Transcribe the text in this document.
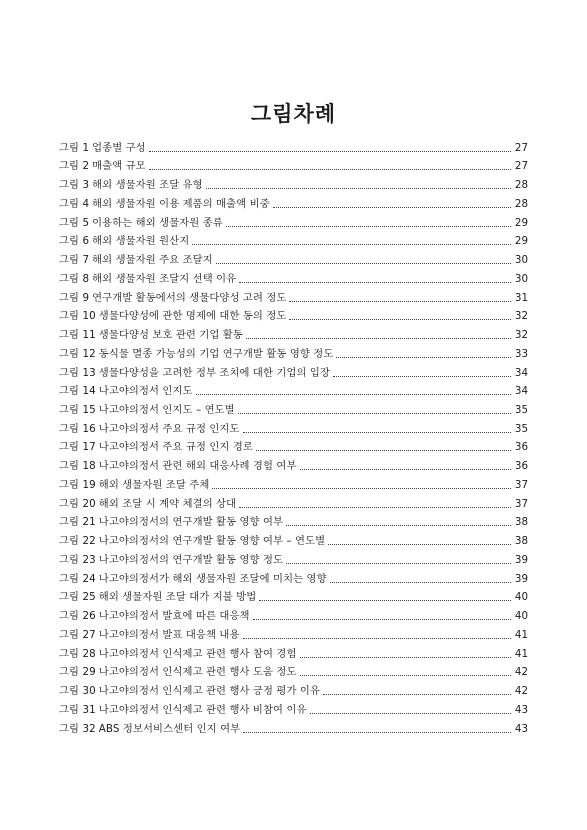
그림차례
그림 1 업종별 구성	27
그림 2 매출액 규모	27
그림 3 해외 생물자원 조달 유형	28
그림 4 해외 생물자원 이용 제품의 매출액 비중	28
그림 5 이용하는 해외 생물자원 종류	29
그림 6 해외 생물자원 원산지	29
그림 7 해외 생물자원 주요 조달지	30
그림 8 해외 생물자원 조달지 선택 이유	30
그림 9 연구개발 활동에서의 생물다양성 고려 정도	31
그림 10 생물다양성에 관한 명제에 대한 동의 정도	32
그림 11 생물다양성 보호 관련 기업 활동	32
그림 12 동식물 멸종 가능성의 기업 연구개발 활동 영향 정도	33
그림 13 생물다양성을 고려한 정부 조치에 대한 기업의 입장	34
그림 14 나고야의정서 인지도	34
그림 15 나고야의정서 인지도 – 연도별	35
그림 16 나고야의정서 주요 규정 인지도	35
그림 17 나고야의정서 주요 규정 인지 경로	36
그림 18 나고야의정서 관련 해외 대응사례 경험 여부	36
그림 19 해외 생물자원 조달 주체	37
그림 20 해외 조달 시 계약 체결의 상대	37
그림 21 나고야의정서의 연구개발 활동 영향 여부	38
그림 22 나고야의정서의 연구개발 활동 영향 여부 – 연도별	38
그림 23 나고야의정서의 연구개발 활동 영향 정도	39
그림 24 나고야의정서가 해외 생물자원 조달에 미치는 영향	39
그림 25 해외 생물자원 조달 대가 지불 방법	40
그림 26 나고야의정서 발효에 따른 대응책	40
그림 27 나고야의정서 발표 대응책 내용	41
그림 28 나고야의정서 인식제고 관련 행사 참여 경험	41
그림 29 나고야의정서 인식제고 관련 행사 도움 정도	42
그림 30 나고야의정서 인식제고 관련 행사 긍정 평가 이유	42
그림 31 나고야의정서 인식제고 관련 행사 비참여 이유	43
그림 32 ABS 정보서비스센터 인지 여부	43
